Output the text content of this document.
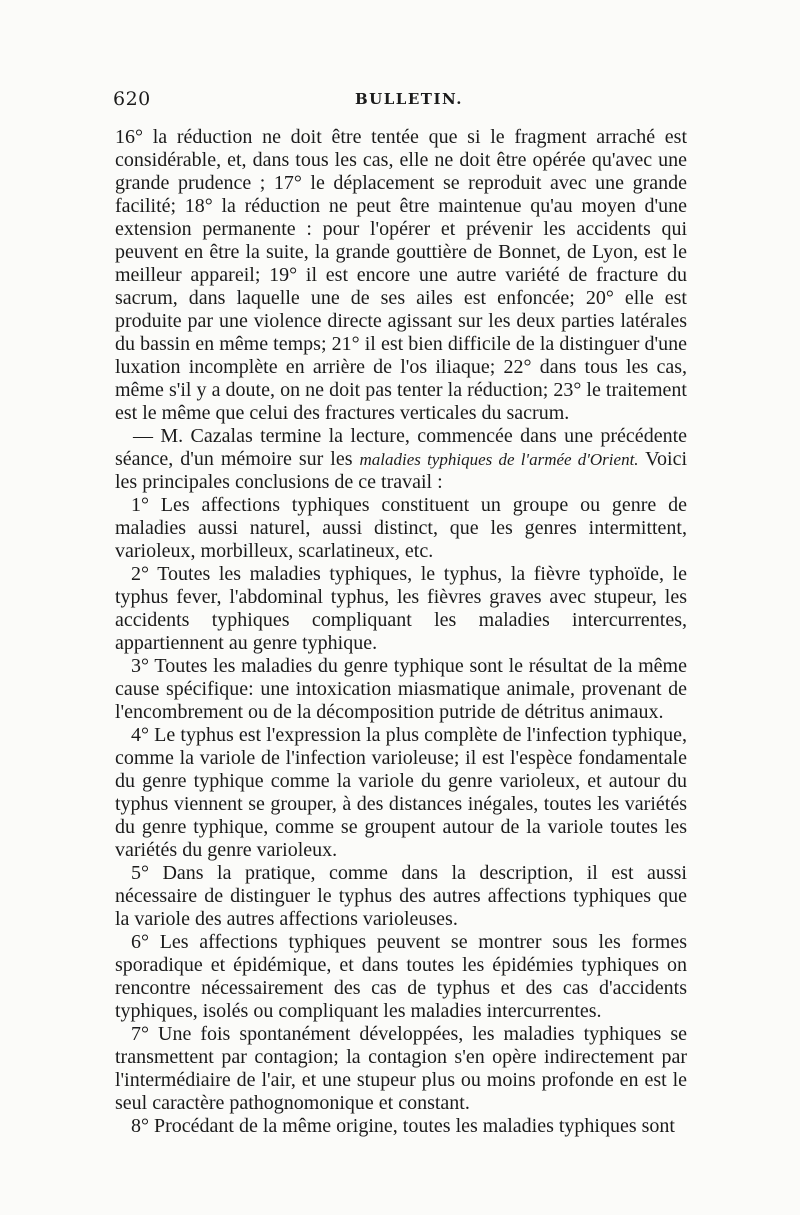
620	BULLETIN.

16° la réduction ne doit être tentée que si le fragment arraché est considérable, et, dans tous les cas, elle ne doit être opérée qu'avec une grande prudence ; 17° le déplacement se reproduit avec une grande facilité; 18° la réduction ne peut être maintenue qu'au moyen d'une extension permanente : pour l'opérer et prévenir les accidents qui peuvent en être la suite, la grande gouttière de Bonnet, de Lyon, est le meilleur appareil; 19° il est encore une autre variété de fracture du sacrum, dans laquelle une de ses ailes est enfoncée; 20° elle est produite par une violence directe agissant sur les deux parties latérales du bassin en même temps; 21° il est bien difficile de la distinguer d'une luxation incomplète en arrière de l'os iliaque; 22° dans tous les cas, même s'il y a doute, on ne doit pas tenter la réduction; 23° le traitement est le même que celui des fractures verticales du sacrum.

— M. Cazalas termine la lecture, commencée dans une précédente séance, d'un mémoire sur les maladies typhiques de l'armée d'Orient. Voici les principales conclusions de ce travail :

1° Les affections typhiques constituent un groupe ou genre de maladies aussi naturel, aussi distinct, que les genres intermittent, varioleux, morbilleux, scarlatineux, etc.

2° Toutes les maladies typhiques, le typhus, la fièvre typhoïde, le typhus fever, l'abdominal typhus, les fièvres graves avec stupeur, les accidents typhiques compliquant les maladies intercurrentes, appartiennent au genre typhique.

3° Toutes les maladies du genre typhique sont le résultat de la même cause spécifique: une intoxication miasmatique animale, provenant de l'encombrement ou de la décomposition putride de détritus animaux.

4° Le typhus est l'expression la plus complète de l'infection typhique, comme la variole de l'infection varioleuse; il est l'espèce fondamentale du genre typhique comme la variole du genre varioleux, et autour du typhus viennent se grouper, à des distances inégales, toutes les variétés du genre typhique, comme se groupent autour de la variole toutes les variétés du genre varioleux.

5° Dans la pratique, comme dans la description, il est aussi nécessaire de distinguer le typhus des autres affections typhiques que la variole des autres affections varioleuses.

6° Les affections typhiques peuvent se montrer sous les formes sporadique et épidémique, et dans toutes les épidémies typhiques on rencontre nécessairement des cas de typhus et des cas d'accidents typhiques, isolés ou compliquant les maladies intercurrentes.

7° Une fois spontanément développées, les maladies typhiques se transmettent par contagion; la contagion s'en opère indirectement par l'intermédiaire de l'air, et une stupeur plus ou moins profonde en est le seul caractère pathognomonique et constant.

8° Procédant de la même origine, toutes les maladies typhiques sont
